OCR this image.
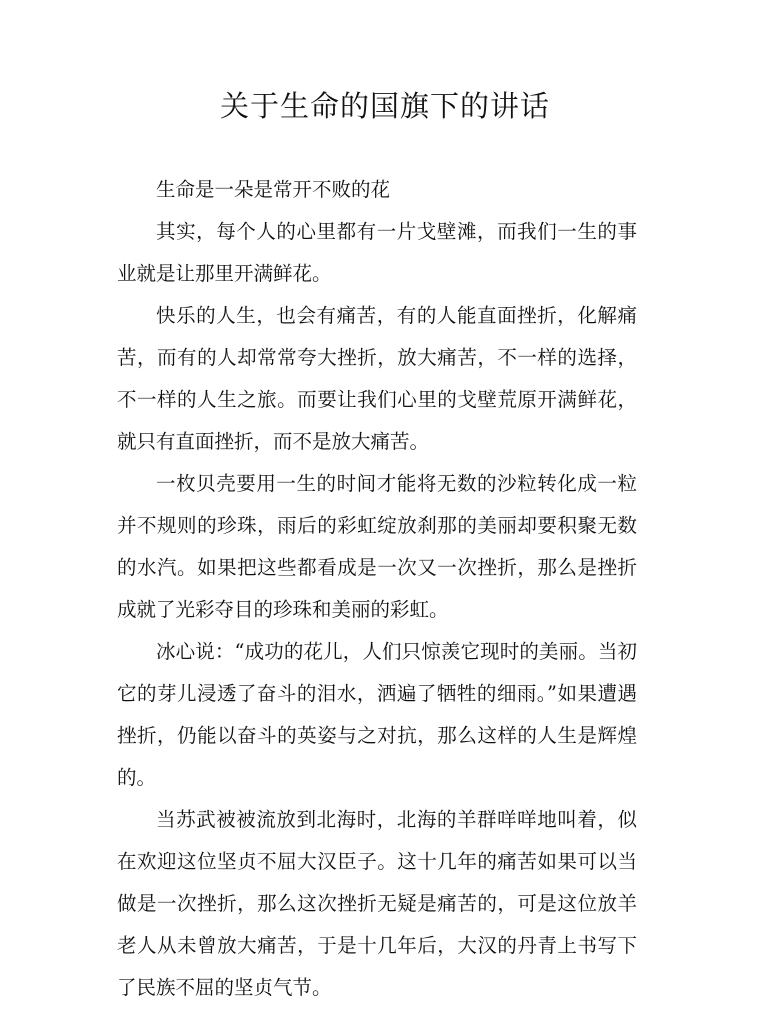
关于生命的国旗下的讲话

生命是一朵是常开不败的花

其实，每个人的心里都有一片戈壁滩，而我们一生的事业就是让那里开满鲜花。

快乐的人生，也会有痛苦，有的人能直面挫折，化解痛苦，而有的人却常常夸大挫折，放大痛苦，不一样的选择，不一样的人生之旅。而要让我们心里的戈壁荒原开满鲜花，就只有直面挫折，而不是放大痛苦。

一枚贝壳要用一生的时间才能将无数的沙粒转化成一粒并不规则的珍珠，雨后的彩虹绽放刹那的美丽却要积聚无数的水汽。如果把这些都看成是一次又一次挫折，那么是挫折成就了光彩夺目的珍珠和美丽的彩虹。

冰心说：“成功的花儿，人们只惊羡它现时的美丽。当初它的芽儿浸透了奋斗的泪水，洒遍了牺牲的细雨。”如果遭遇挫折，仍能以奋斗的英姿与之对抗，那么这样的人生是辉煌的。

当苏武被被流放到北海时，北海的羊群咩咩地叫着，似在欢迎这位坚贞不屈大汉臣子。这十几年的痛苦如果可以当做是一次挫折，那么这次挫折无疑是痛苦的，可是这位放羊老人从未曾放大痛苦，于是十几年后，大汉的丹青上书写下了民族不屈的坚贞气节。
